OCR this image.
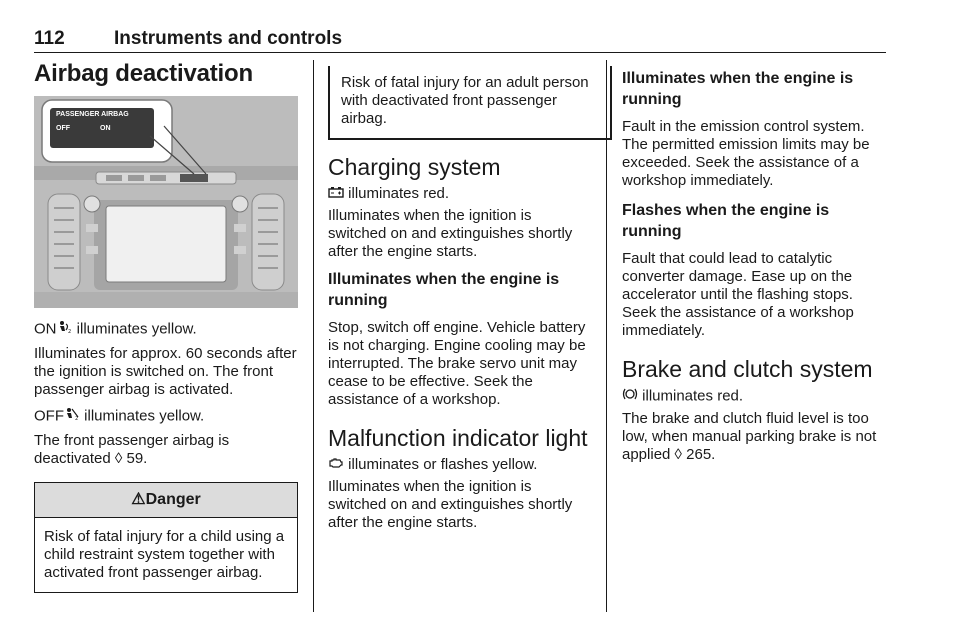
112	Instruments and controls
Airbag deactivation
PASSENGER AIRBAG
OFF	ON

ON 2 illuminates yellow.

Illuminates for approx. 60 seconds after the ignition is switched on. The front passenger airbag is activated.

OFF 2 illuminates yellow.

The front passenger airbag is deactivated ◊ 59.

⚠Danger

Risk of fatal injury for a child using a child restraint system together with activated front passenger airbag.

Risk of fatal injury for an adult person with deactivated front passenger airbag.

Charging system

illuminates red.

Illuminates when the ignition is switched on and extinguishes shortly after the engine starts.

Illuminates when the engine is running

Stop, switch off engine. Vehicle battery is not charging. Engine cooling may be interrupted. The brake servo unit may cease to be effective. Seek the assistance of a workshop.

Malfunction indicator light

illuminates or flashes yellow.

Illuminates when the ignition is switched on and extinguishes shortly after the engine starts.

Illuminates when the engine is running

Fault in the emission control system. The permitted emission limits may be exceeded. Seek the assistance of a workshop immediately.

Flashes when the engine is running

Fault that could lead to catalytic converter damage. Ease up on the accelerator until the flashing stops. Seek the assistance of a workshop immediately.

Brake and clutch system

illuminates red.

The brake and clutch fluid level is too low, when manual parking brake is not applied ◊ 265.
